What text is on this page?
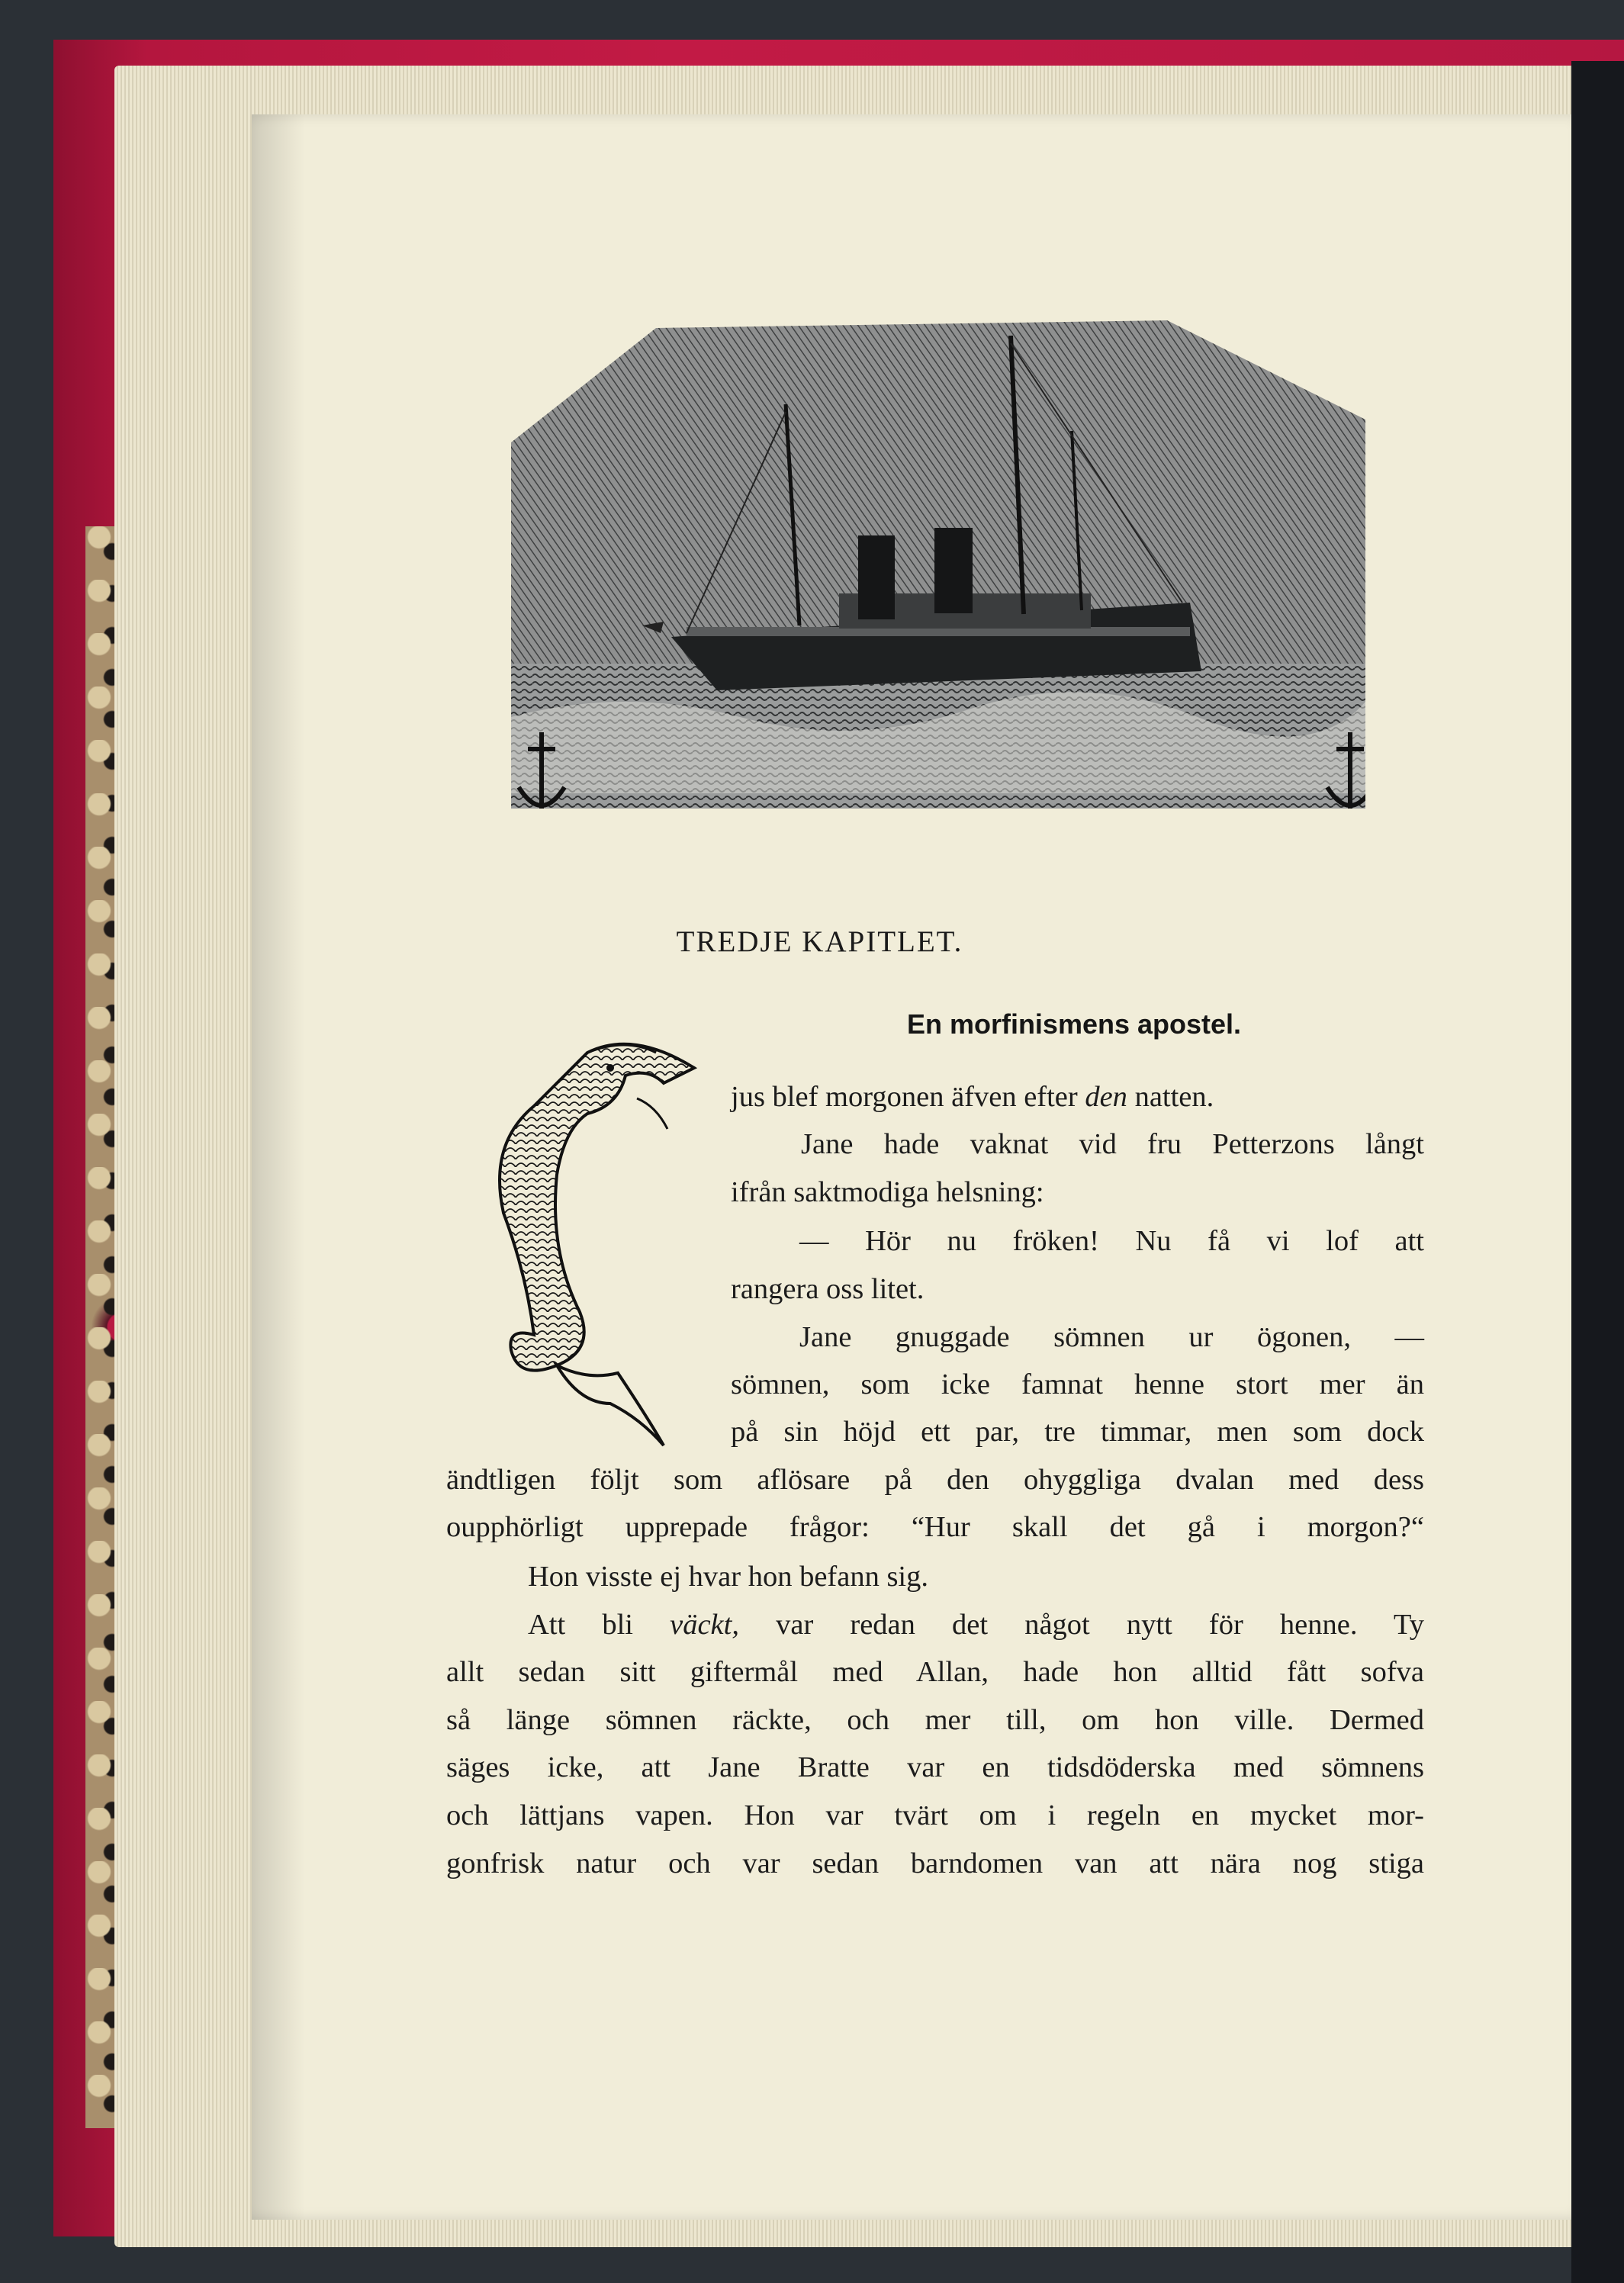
TREDJE KAPITLET.
En morfinismens apostel.
jus blef morgonen äfven efter den natten.
Jane hade vaknat vid fru Petterzons långt
ifrån saktmodiga helsning:
— Hör nu fröken! Nu få vi lof att
rangera oss litet.
Jane gnuggade sömnen ur ögonen, —
sömnen, som icke famnat henne stort mer än
på sin höjd ett par, tre timmar, men som dock
ändtligen följt som aflösare på den ohyggliga dvalan med dess
oupphörligt upprepade frågor: “Hur skall det gå i morgon?“
Hon visste ej hvar hon befann sig.
Att bli väckt, var redan det något nytt för henne. Ty
allt sedan sitt giftermål med Allan, hade hon alltid fått sofva
så länge sömnen räckte, och mer till, om hon ville. Dermed
säges icke, att Jane Bratte var en tidsdöderska med sömnens
och lättjans vapen. Hon var tvärt om i regeln en mycket mor-
gonfrisk natur och var sedan barndomen van att nära nog stiga
